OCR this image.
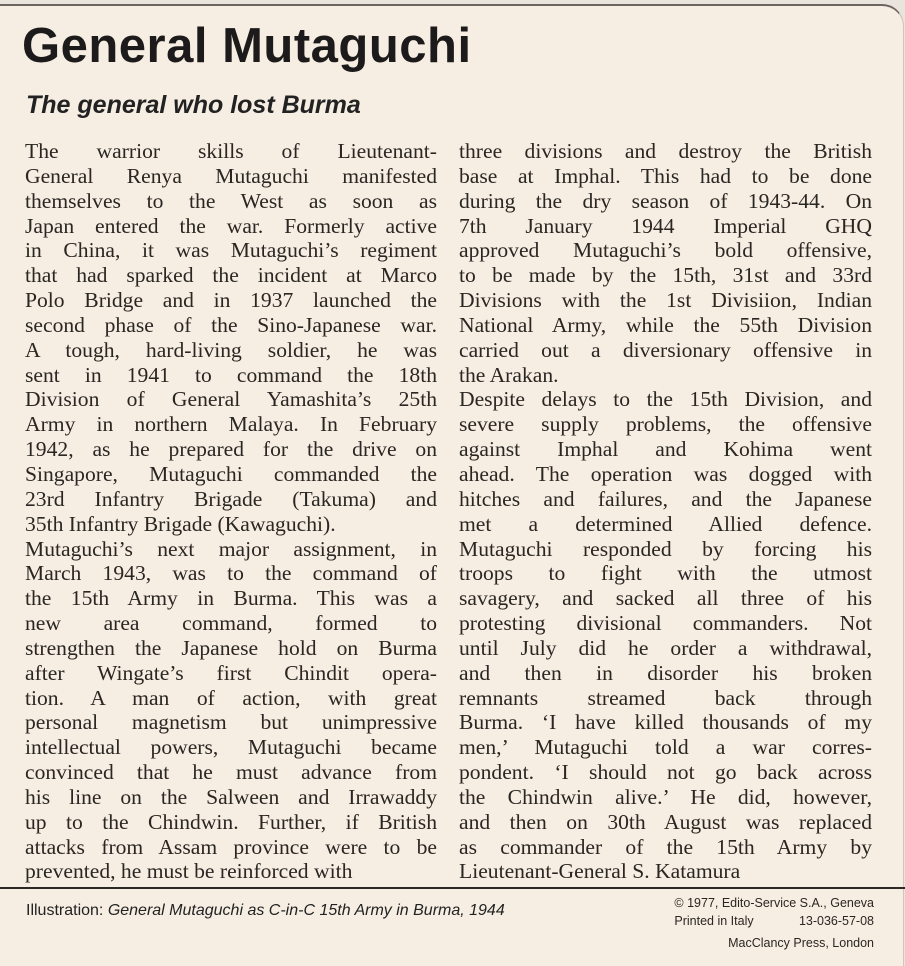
General Mutaguchi
The general who lost Burma
The warrior skills of Lieutenant-
General Renya Mutaguchi manifested
themselves to the West as soon as
Japan entered the war. Formerly active
in China, it was Mutaguchi’s regiment
that had sparked the incident at Marco
Polo Bridge and in 1937 launched the
second phase of the Sino-Japanese war.
A tough, hard-living soldier, he was
sent in 1941 to command the 18th
Division of General Yamashita’s 25th
Army in northern Malaya. In February
1942, as he prepared for the drive on
Singapore, Mutaguchi commanded the
23rd Infantry Brigade (Takuma) and
35th Infantry Brigade (Kawaguchi).
Mutaguchi’s next major assignment, in
March 1943, was to the command of
the 15th Army in Burma. This was a
new area command, formed to
strengthen the Japanese hold on Burma
after Wingate’s first Chindit opera-
tion. A man of action, with great
personal magnetism but unimpressive
intellectual powers, Mutaguchi became
convinced that he must advance from
his line on the Salween and Irrawaddy
up to the Chindwin. Further, if British
attacks from Assam province were to be
prevented, he must be reinforced with
three divisions and destroy the British
base at Imphal. This had to be done
during the dry season of 1943-44. On
7th January 1944 Imperial GHQ
approved Mutaguchi’s bold offensive,
to be made by the 15th, 31st and 33rd
Divisions with the 1st Divisiion, Indian
National Army, while the 55th Division
carried out a diversionary offensive in
the Arakan.
Despite delays to the 15th Division, and
severe supply problems, the offensive
against Imphal and Kohima went
ahead. The operation was dogged with
hitches and failures, and the Japanese
met a determined Allied defence.
Mutaguchi responded by forcing his
troops to fight with the utmost
savagery, and sacked all three of his
protesting divisional commanders. Not
until July did he order a withdrawal,
and then in disorder his broken
remnants streamed back through
Burma. ‘I have killed thousands of my
men,’ Mutaguchi told a war corres-
pondent. ‘I should not go back across
the Chindwin alive.’ He did, however,
and then on 30th August was replaced
as commander of the 15th Army by
Lieutenant-General S. Katamura
Illustration: General Mutaguchi as C-in-C 15th Army in Burma, 1944	© 1977, Edito-Service S.A., Geneva
Printed in Italy	13-036-57-08
MacClancy Press, London
